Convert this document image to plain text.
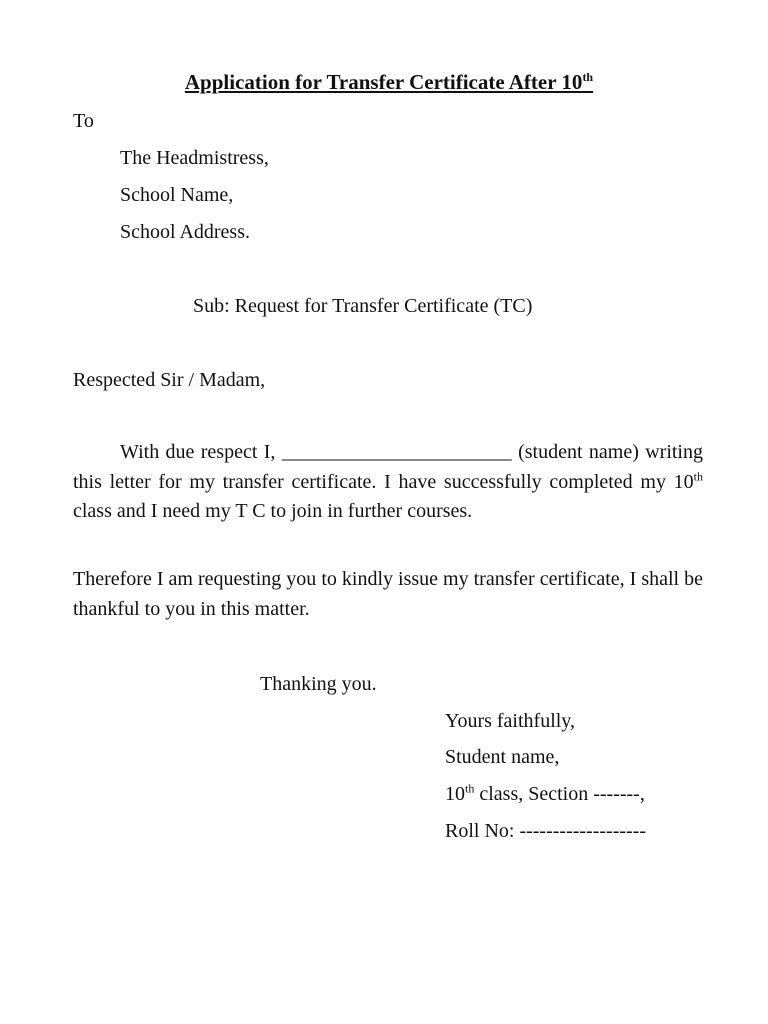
Application for Transfer Certificate After 10th
To
The Headmistress,
School Name,
School Address.
Sub: Request for Transfer Certificate (TC)
Respected Sir / Madam,
With due respect I, _______________________ (student name) writing this letter for my transfer certificate. I have successfully completed my 10th class and I need my T C to join in further courses.
Therefore I am requesting you to kindly issue my transfer certificate, I shall be thankful to you in this matter.
Thanking you.
Yours faithfully,
Student name,
10th class, Section -------,
Roll No: -------------------
